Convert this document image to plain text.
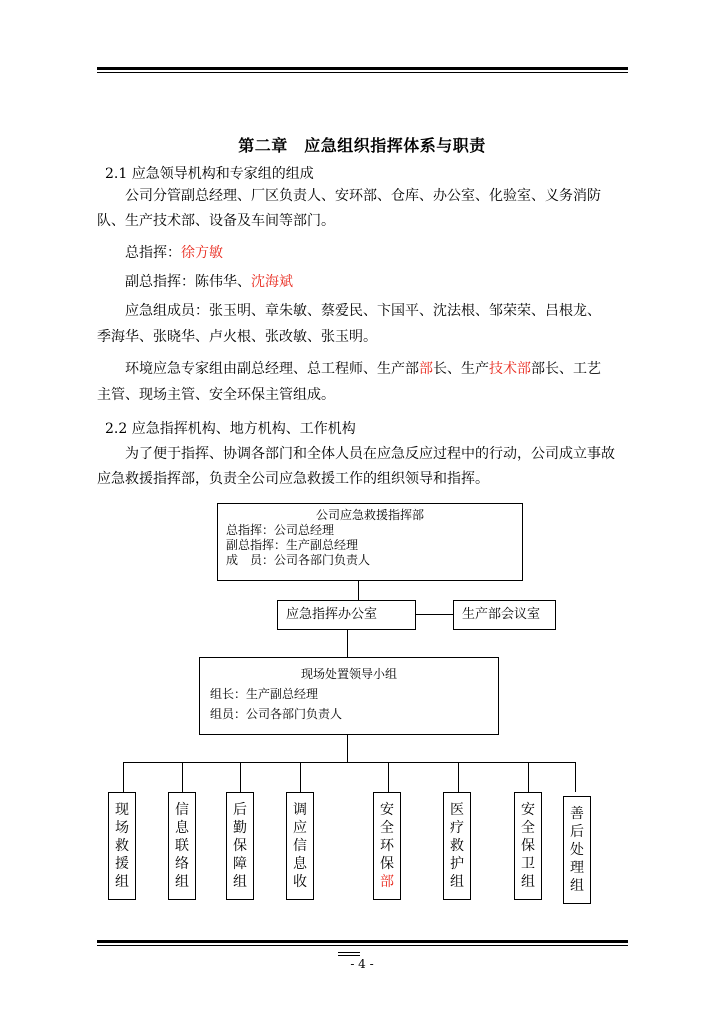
第二章　应急组织指挥体系与职责
2.1 应急领导机构和专家组的组成
公司分管副总经理、厂区负责人、安环部、仓库、办公室、化验室、义务消防队、生产技术部、设备及车间等部门。
总指挥：徐方敏
副总指挥：陈伟华、沈海斌
应急组成员：张玉明、章朱敏、蔡爱民、卞国平、沈法根、邹荣荣、吕根龙、
季海华、张晓华、卢火根、张改敏、张玉明。
环境应急专家组由副总经理、总工程师、生产部部长、生产技术部部长、工艺
主管、现场主管、安全环保主管组成。
2.2 应急指挥机构、地方机构、工作机构
为了便于指挥、协调各部门和全体人员在应急反应过程中的行动，公司成立事故应急救援指挥部，负责全公司应急救援工作的组织领导和指挥。
公司应急救援指挥部
总指挥：公司总经理
副总指挥：生产副总经理
成　员：公司各部门负责人
应急指挥办公室	生产部会议室
现场处置领导小组
组长：生产副总经理
组员：公司各部门负责人
现
场
救
援
组
信
息
联
络
组
后
勤
保
障
组
调
应
信
息
收
安
全
环
保
部
医
疗
救
护
组
安
全
保
卫
组
善
后
处
理
组
- 4 -
